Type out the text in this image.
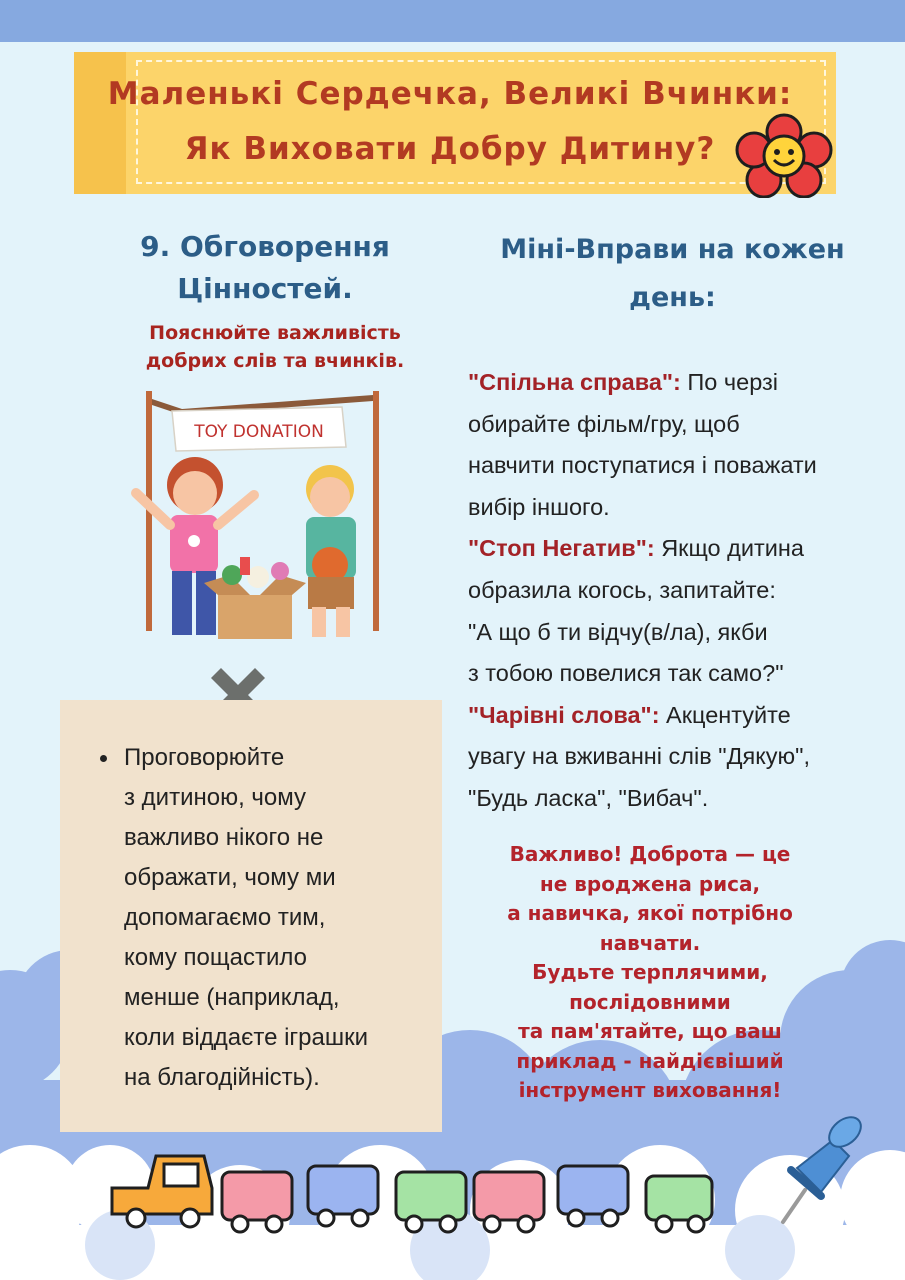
Маленькі Сердечка, Великі Вчинки:
Як Виховати Добру Дитину?
9. Обговорення
Цінностей.

Пояснюйте важливість

добрих слів та вчинків.

TOY DONATION
Проговорюйте
з дитиною, чому
важливо нікого не
ображати, чому ми
допомагаємо тим,
кому пощастило
менше (наприклад,
коли віддаєте іграшки
на благодійність).
Міні-Вправи на кожен
день:
"Спільна справа": По черзі
обирайте фільм/гру, щоб
навчити поступатися і поважати
вибір іншого.
"Стоп Негатив": Якщо дитина
образила когось, запитайте:
"А що б ти відчу(в/ла), якби
з тобою повелися так само?"
"Чарівні слова": Акцентуйте
увагу на вживанні слів "Дякую",
"Будь ласка", "Вибач".
Важливо! Доброта — це
не вроджена риса,
а навичка, якої потрібно
навчати.
Будьте терплячими,
послідовними
та пам'ятайте, що ваш
приклад - найдієвіший
інструмент виховання!
